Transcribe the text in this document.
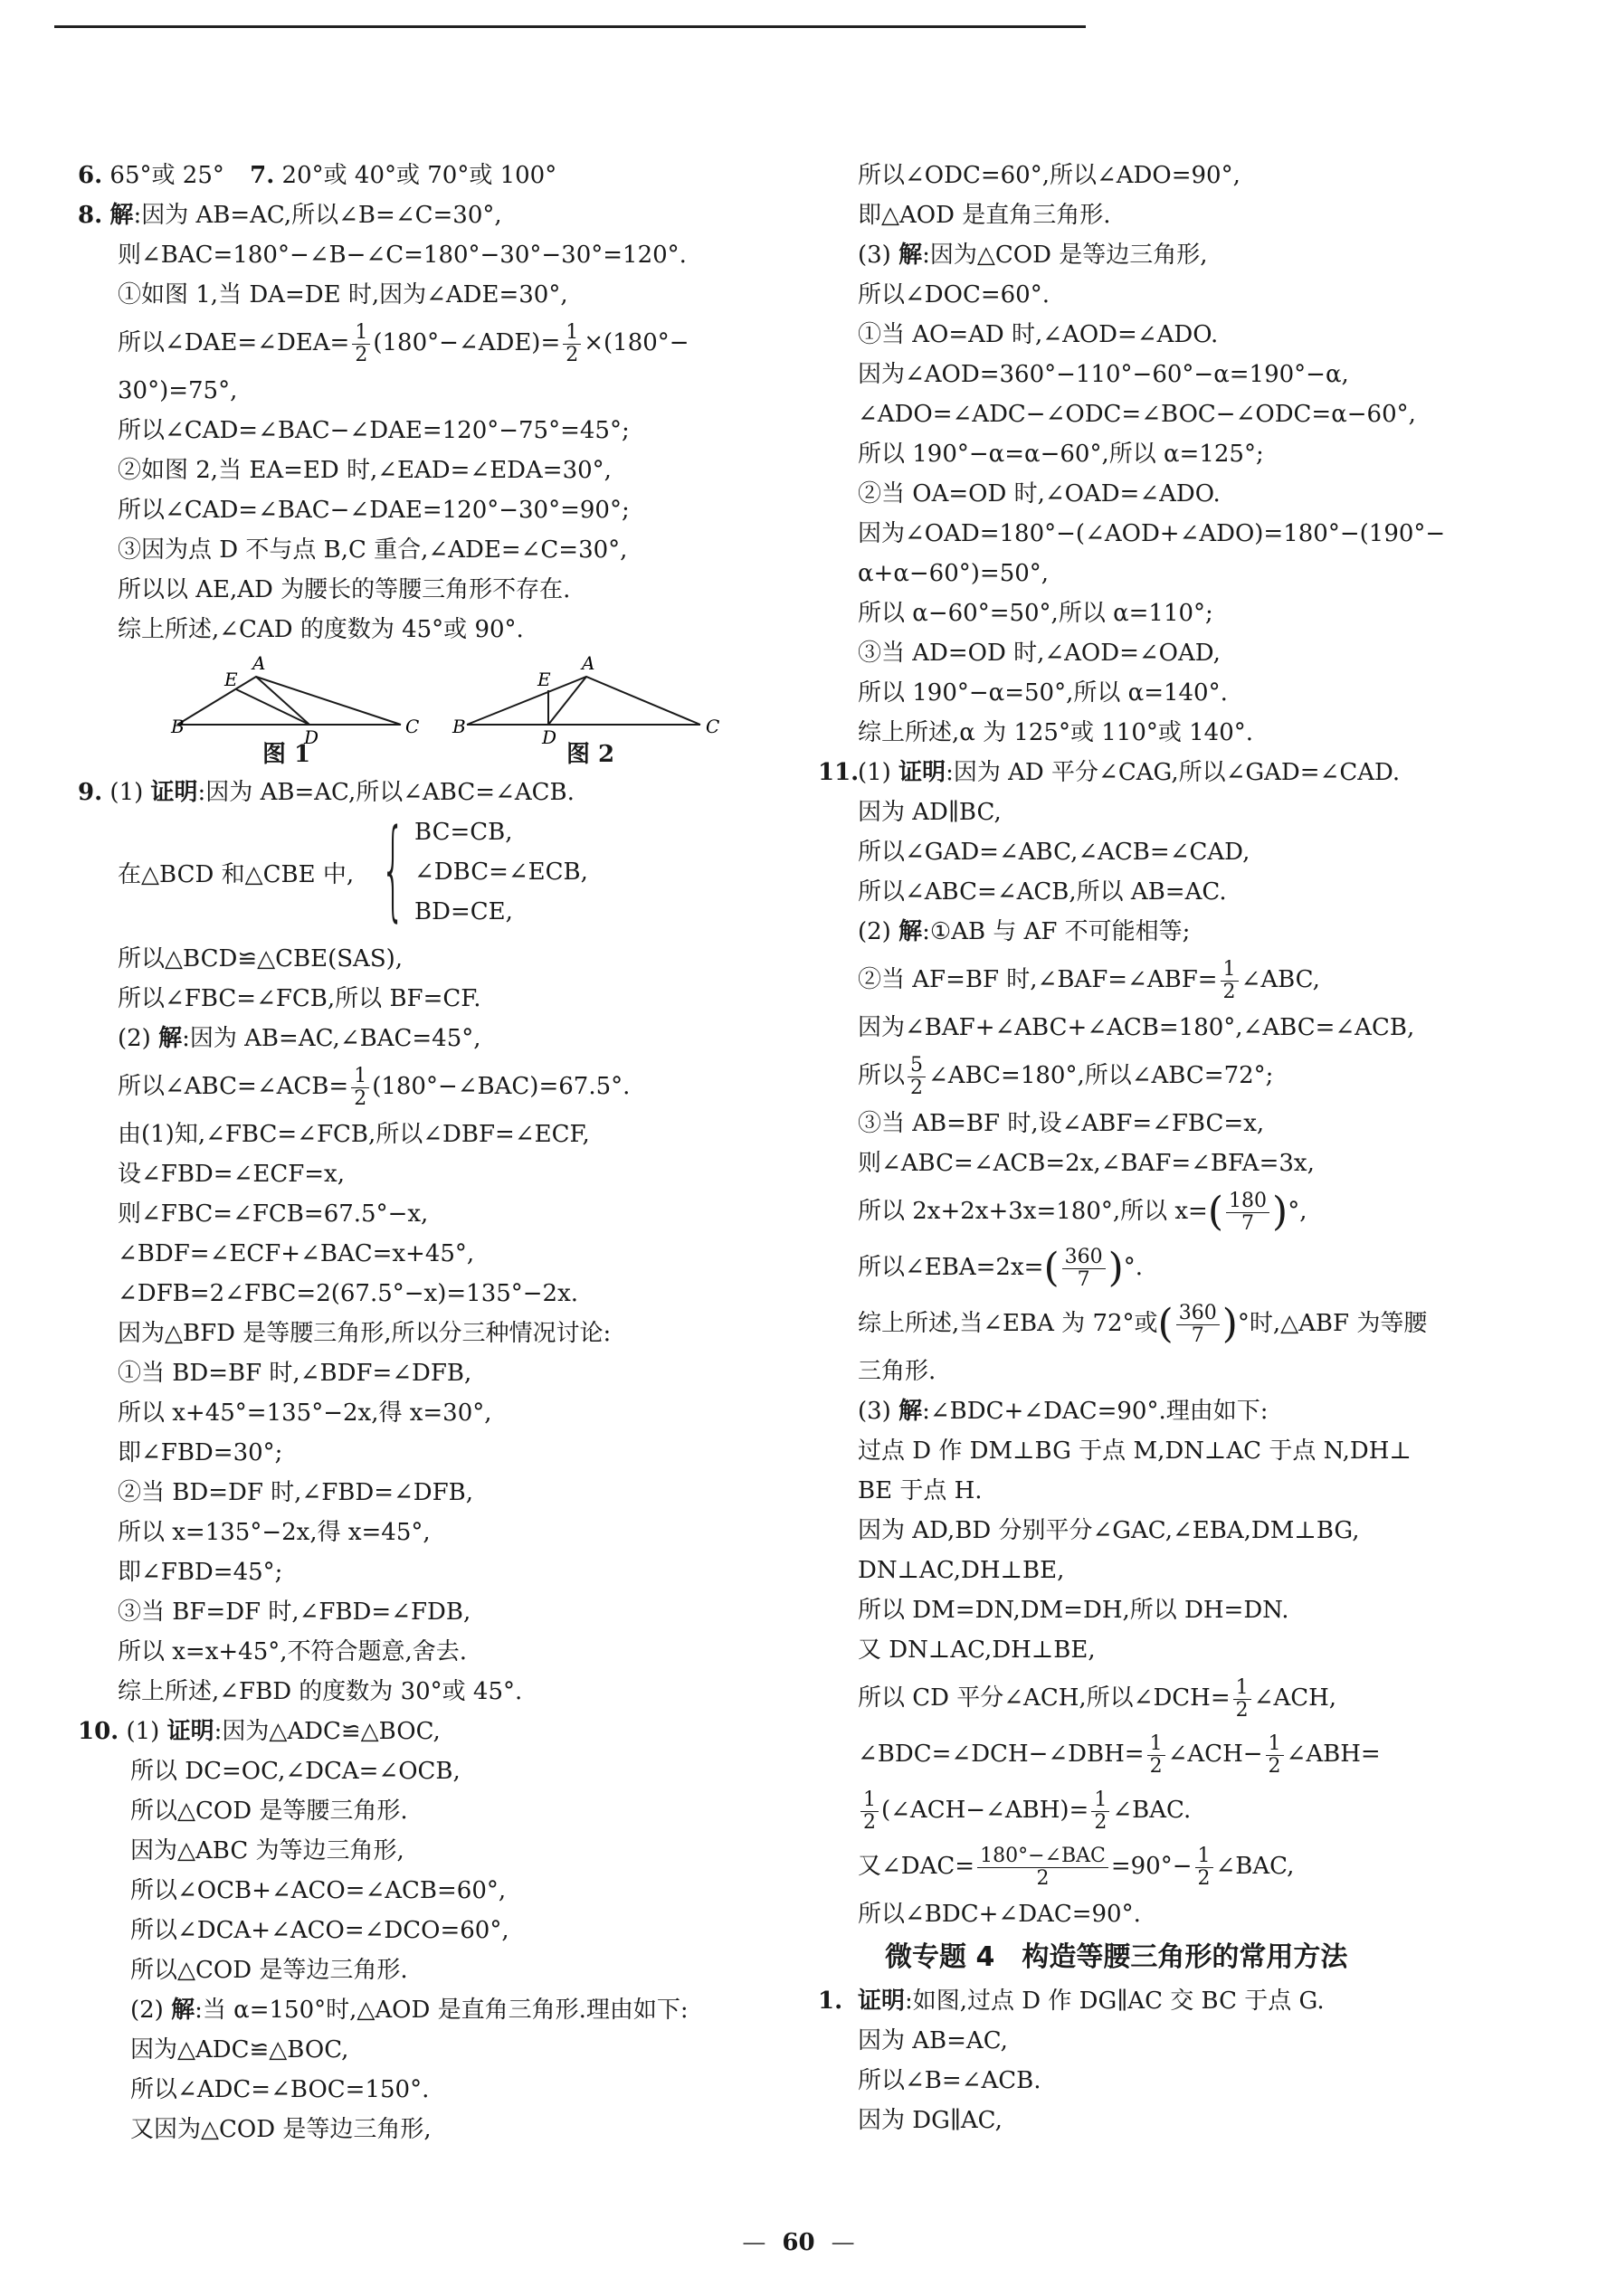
6. 65°或 25° 7. 20°或 40°或 70°或 100°
8. 解:因为 AB=AC,所以∠B=∠C=30°,
则∠BAC=180°−∠B−∠C=180°−30°−30°=120°.
①如图 1,当 DA=DE 时,因为∠ADE=30°,
所以∠DAE=∠DEA= $\frac{1}{2}$ (180°−∠ADE)= $\frac{1}{2} \times(180^\circ-$
30°)=75°,
所以∠CAD=∠BAC−∠DAE=120°−75°=45°;
②如图 2,当 EA=ED 时,∠EAD=∠EDA=30°,
所以∠CAD=∠BAC−∠DAE=120°−30°=90°;
③因为点 D 不与点 B,C 重合,∠ADE=∠C=30°,
所以以 AE,AD 为腰长的等腰三角形不存在.
综上所述,∠CAD 的度数为 45°或 90°.
B
A
C
E
D	B
A
C
E
D
图 1	图 2
9. (1) 证明:因为 AB=AC,所以∠ABC=∠ACB.
在△BCD 和△CBE 中, { BC=CB,
∠DBC=∠ECB,
BD=CE,
所以△BCD≌△CBE(SAS),
所以∠FBC=∠FCB,所以 BF=CF.
(2) 解:因为 AB=AC,∠BAC=45°,
所以∠ABC=∠ACB= $\frac{1}{2}$ (180°−∠BAC)=67.5°.
由(1)知,∠FBC=∠FCB,所以∠DBF=∠ECF,
设∠FBD=∠ECF=x,
则∠FBC=∠FCB=67.5°−x,
∠BDF=∠ECF+∠BAC=x+45°,
∠DFB=2∠FBC=2(67.5°−x)=135°−2x.
因为△BFD 是等腰三角形,所以分三种情况讨论:
①当 BD=BF 时,∠BDF=∠DFB,
所以 x+45°=135°−2x,得 x=30°,
即∠FBD=30°;
②当 BD=DF 时,∠FBD=∠DFB,
所以 x=135°−2x,得 x=45°,
即∠FBD=45°;
③当 BF=DF 时,∠FBD=∠FDB,
所以 x=x+45°,不符合题意,舍去.
综上所述,∠FBD 的度数为 30°或 45°.
10. (1) 证明:因为△ADC≌△BOC,
所以 DC=OC,∠DCA=∠OCB,
所以△COD 是等腰三角形.
因为△ABC 为等边三角形,
所以∠OCB+∠ACO=∠ACB=60°,
所以∠DCA+∠ACO=∠DCO=60°,
所以△COD 是等边三角形.
(2) 解:当 α=150°时,△AOD 是直角三角形.理由如下:
因为△ADC≌△BOC,
所以∠ADC=∠BOC=150°.
又因为△COD 是等边三角形,
所以∠ODC=60°,所以∠ADO=90°,
即△AOD 是直角三角形.
(3) 解:因为△COD 是等边三角形,
所以∠DOC=60°.
①当 AO=AD 时,∠AOD=∠ADO.
因为∠AOD=360°−110°−60°−α=190°−α,
∠ADO=∠ADC−∠ODC=∠BOC−∠ODC=α−60°,
所以 190°−α=α−60°,所以 α=125°;
②当 OA=OD 时,∠OAD=∠ADO.
因为∠OAD=180°−(∠AOD+∠ADO)=180°−(190°−
α+α−60°)=50°,
所以 α−60°=50°,所以 α=110°;
③当 AD=OD 时,∠AOD=∠OAD,
所以 190°−α=50°,所以 α=140°.
综上所述,α 为 125°或 110°或 140°.
11.(1) 证明:因为 AD 平分∠CAG,所以∠GAD=∠CAD.
因为 AD∥BC,
所以∠GAD=∠ABC,∠ACB=∠CAD,
所以∠ABC=∠ACB,所以 AB=AC.
(2) 解:①AB 与 AF 不可能相等;
②当 AF=BF 时,∠BAF=∠ABF= $\frac{1}{2}$ ∠ABC,
因为∠BAF+∠ABC+∠ACB=180°,∠ABC=∠ACB,
所以 $\frac{5}{2}$ ∠ABC=180°,所以∠ABC=72°;
③当 AB=BF 时,设∠ABF=∠FBC=x,
则∠ABC=∠ACB=2x,∠BAF=∠BFA=3x,
所以 2x+2x+3x=180°,所以 $x=( \frac{180}{7}$ )°,
所以∠EBA=2x=( $\frac{360}{7}$ )°.
综上所述,当∠EBA 为 72°或( $\frac{360}{7}$ )°时,△ABF 为等腰
三角形.
(3) 解:∠BDC+∠DAC=90°.理由如下:
过点 D 作 DM⊥BG 于点 M,DN⊥AC 于点 N,DH⊥
BE 于点 H.
因为 AD,BD 分别平分∠GAC,∠EBA,DM⊥BG,
DN⊥AC,DH⊥BE,
所以 DM=DN,DM=DH,所以 DH=DN.
又 DN⊥AC,DH⊥BE,
所以 CD 平分∠ACH,所以∠DCH= $\frac{1}{2}$ ∠ACH,
∠BDC=∠DCH−∠DBH= $\frac{1}{2}$ ∠ACH− $\frac{1}{2}$ ∠ABH=
$\frac{1}{2}$ (∠ACH−∠ABH)= $\frac{1}{2}$ ∠BAC.
又∠DAC= $\frac{\text{180°−∠BAC}}{2} =90^\circ- \frac{1}{2}$ ∠BAC,
所以∠BDC+∠DAC=90°.
微专题 4　构造等腰三角形的常用方法
1. 证明:如图,过点 D 作 DG∥AC 交 BC 于点 G.
因为 AB=AC,
所以∠B=∠ACB.
因为 DG∥AC,
— 60 —
